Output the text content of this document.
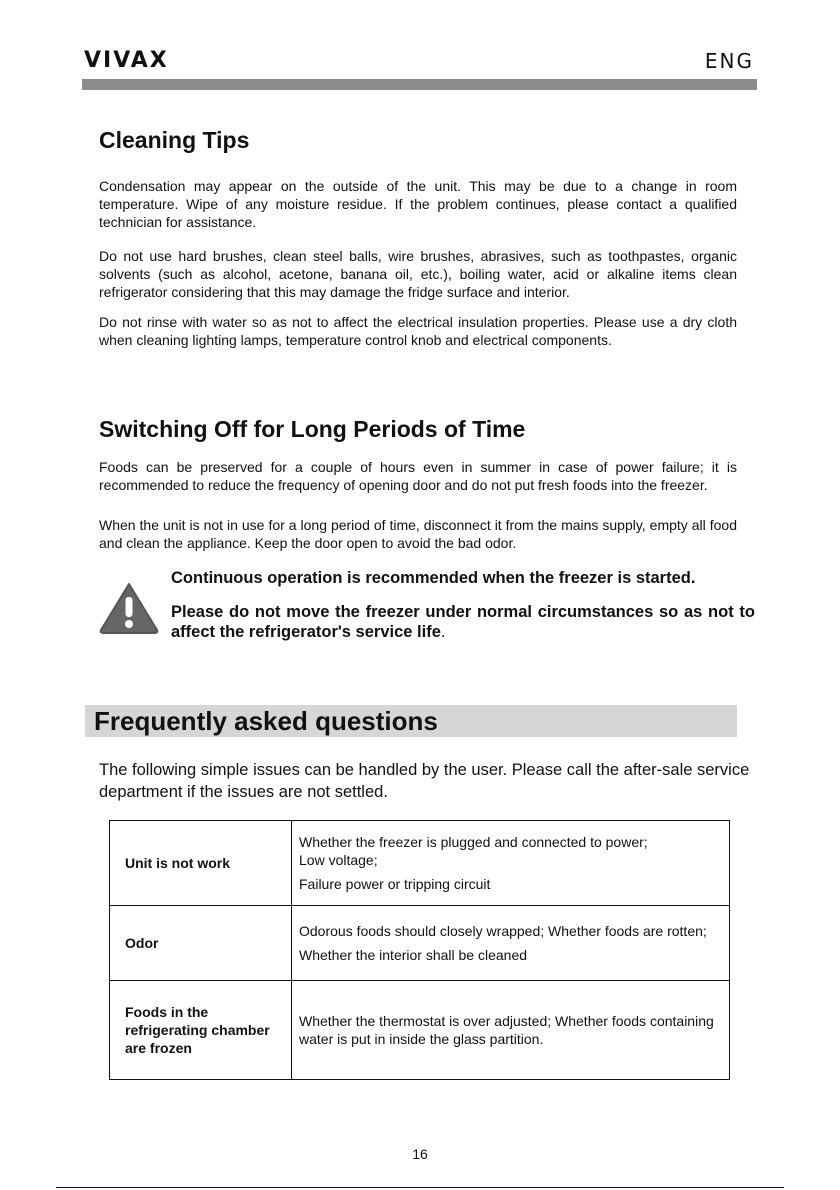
VIVAX	ENG
Cleaning Tips

Condensation may appear on the outside of the unit. This may be due to a change in room temperature. Wipe of any moisture residue. If the problem continues, please contact a qualified technician for assistance.

Do not use hard brushes, clean steel balls, wire brushes, abrasives, such as toothpastes, organic solvents (such as alcohol, acetone, banana oil, etc.), boiling water, acid or alkaline items clean refrigerator considering that this may damage the fridge surface and interior.

Do not rinse with water so as not to affect the electrical insulation properties. Please use a dry cloth when cleaning lighting lamps, temperature control knob and electrical components.

Switching Off for Long Periods of Time

Foods can be preserved for a couple of hours even in summer in case of power failure; it is recommended to reduce the frequency of opening door and do not put fresh foods into the freezer.

When the unit is not in use for a long period of time, disconnect it from the mains supply, empty all food and clean the appliance. Keep the door open to avoid the bad odor.

Continuous operation is recommended when the freezer is started.
Please do not move the freezer under normal circumstances so as not to affect the refrigerator's service life.
Frequently asked questions

The following simple issues can be handled by the user. Please call the after-sale service department if the issues are not settled.

Unit is not work	Whether the freezer is plugged and connected to power;
Low voltage;
Failure power or tripping circuit

Odor	Odorous foods should closely wrapped; Whether foods are rotten;
Whether the interior shall be cleaned

Foods in the refrigerating chamber are frozen	Whether the thermostat is over adjusted; Whether foods containing water is put in inside the glass partition.
16
